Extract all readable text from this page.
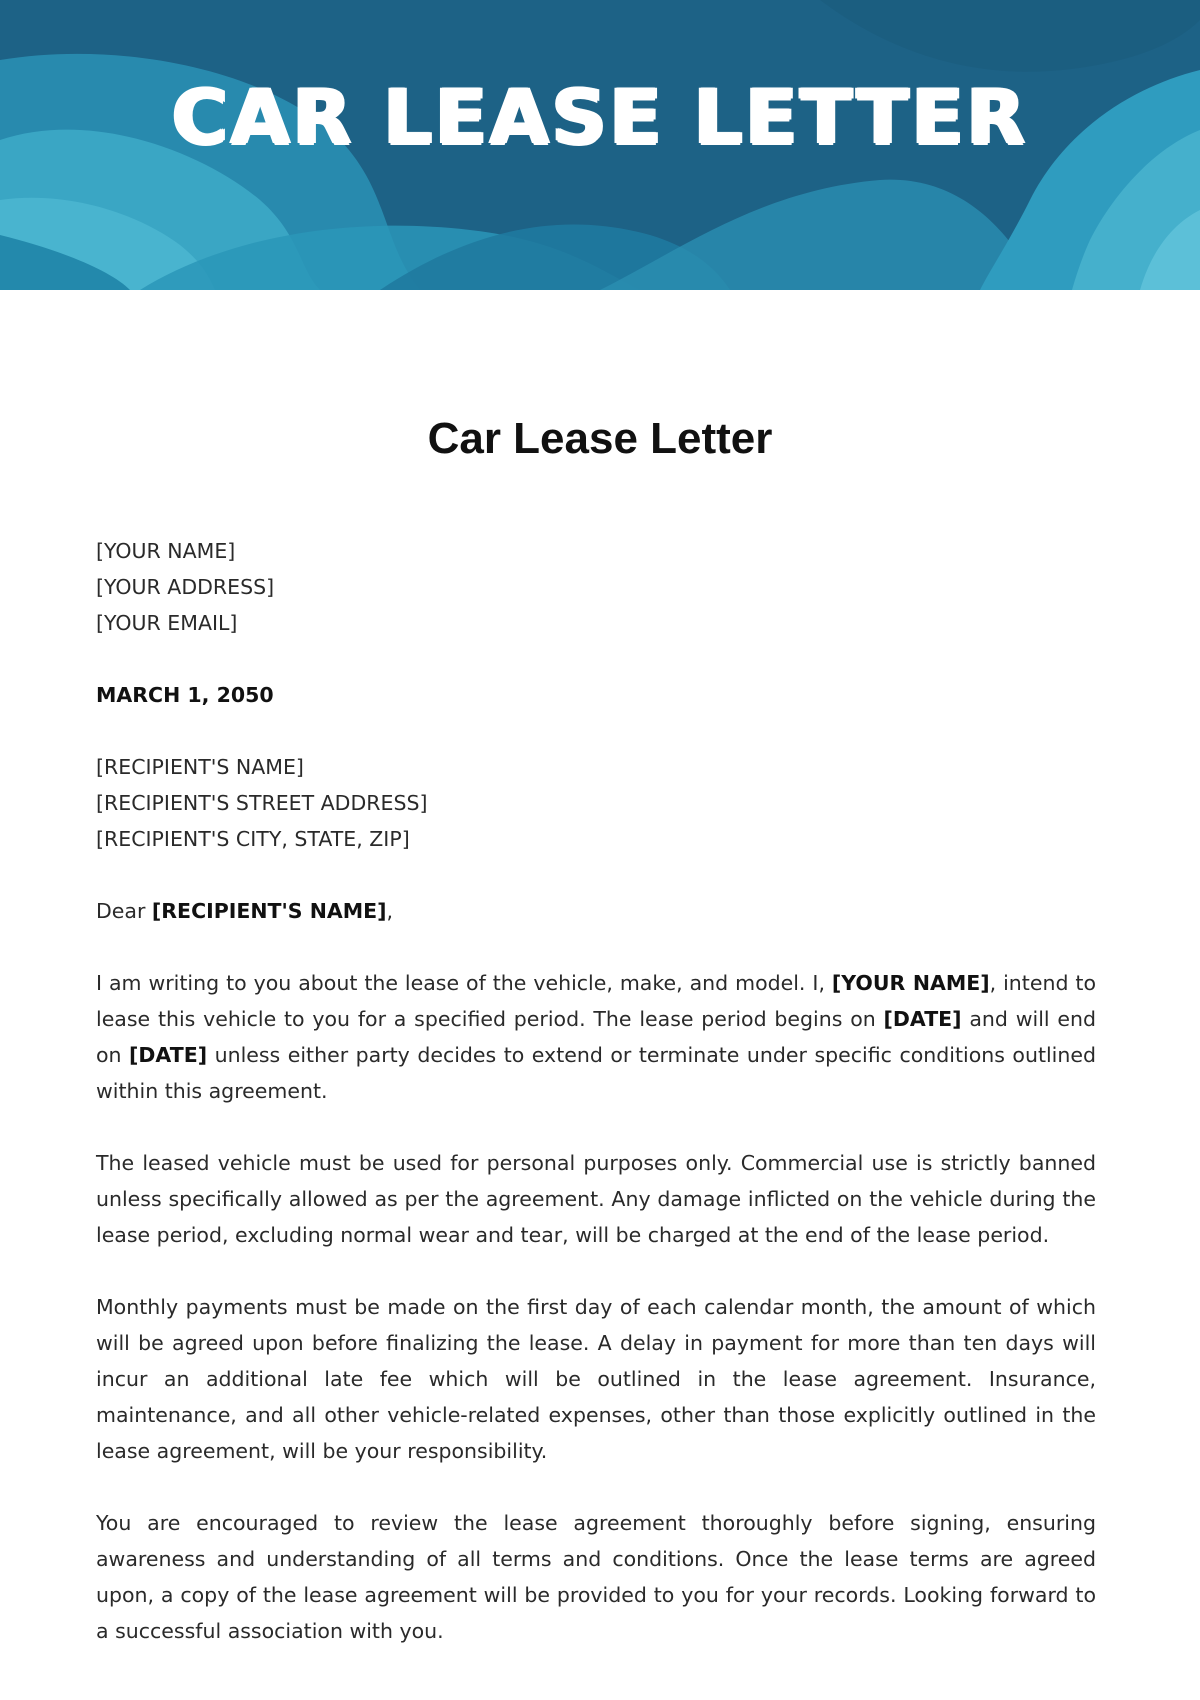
CAR LEASE LETTER
Car Lease Letter
[YOUR NAME]
[YOUR ADDRESS]
[YOUR EMAIL]
MARCH 1, 2050
[RECIPIENT'S NAME]
[RECIPIENT'S STREET ADDRESS]
[RECIPIENT'S CITY, STATE, ZIP]
Dear [RECIPIENT'S NAME],

I am writing to you about the lease of the vehicle, make, and model. I, [YOUR NAME], intend to lease this vehicle to you for a specified period. The lease period begins on [DATE] and will end on [DATE] unless either party decides to extend or terminate under specific conditions outlined within this agreement.

The leased vehicle must be used for personal purposes only. Commercial use is strictly banned unless specifically allowed as per the agreement. Any damage inflicted on the vehicle during the lease period, excluding normal wear and tear, will be charged at the end of the lease period.

Monthly payments must be made on the first day of each calendar month, the amount of which will be agreed upon before finalizing the lease. A delay in payment for more than ten days will incur an additional late fee which will be outlined in the lease agreement. Insurance, maintenance, and all other vehicle-related expenses, other than those explicitly outlined in the lease agreement, will be your responsibility.

You are encouraged to review the lease agreement thoroughly before signing, ensuring awareness and understanding of all terms and conditions. Once the lease terms are agreed upon, a copy of the lease agreement will be provided to you for your records. Looking forward to a successful association with you.
